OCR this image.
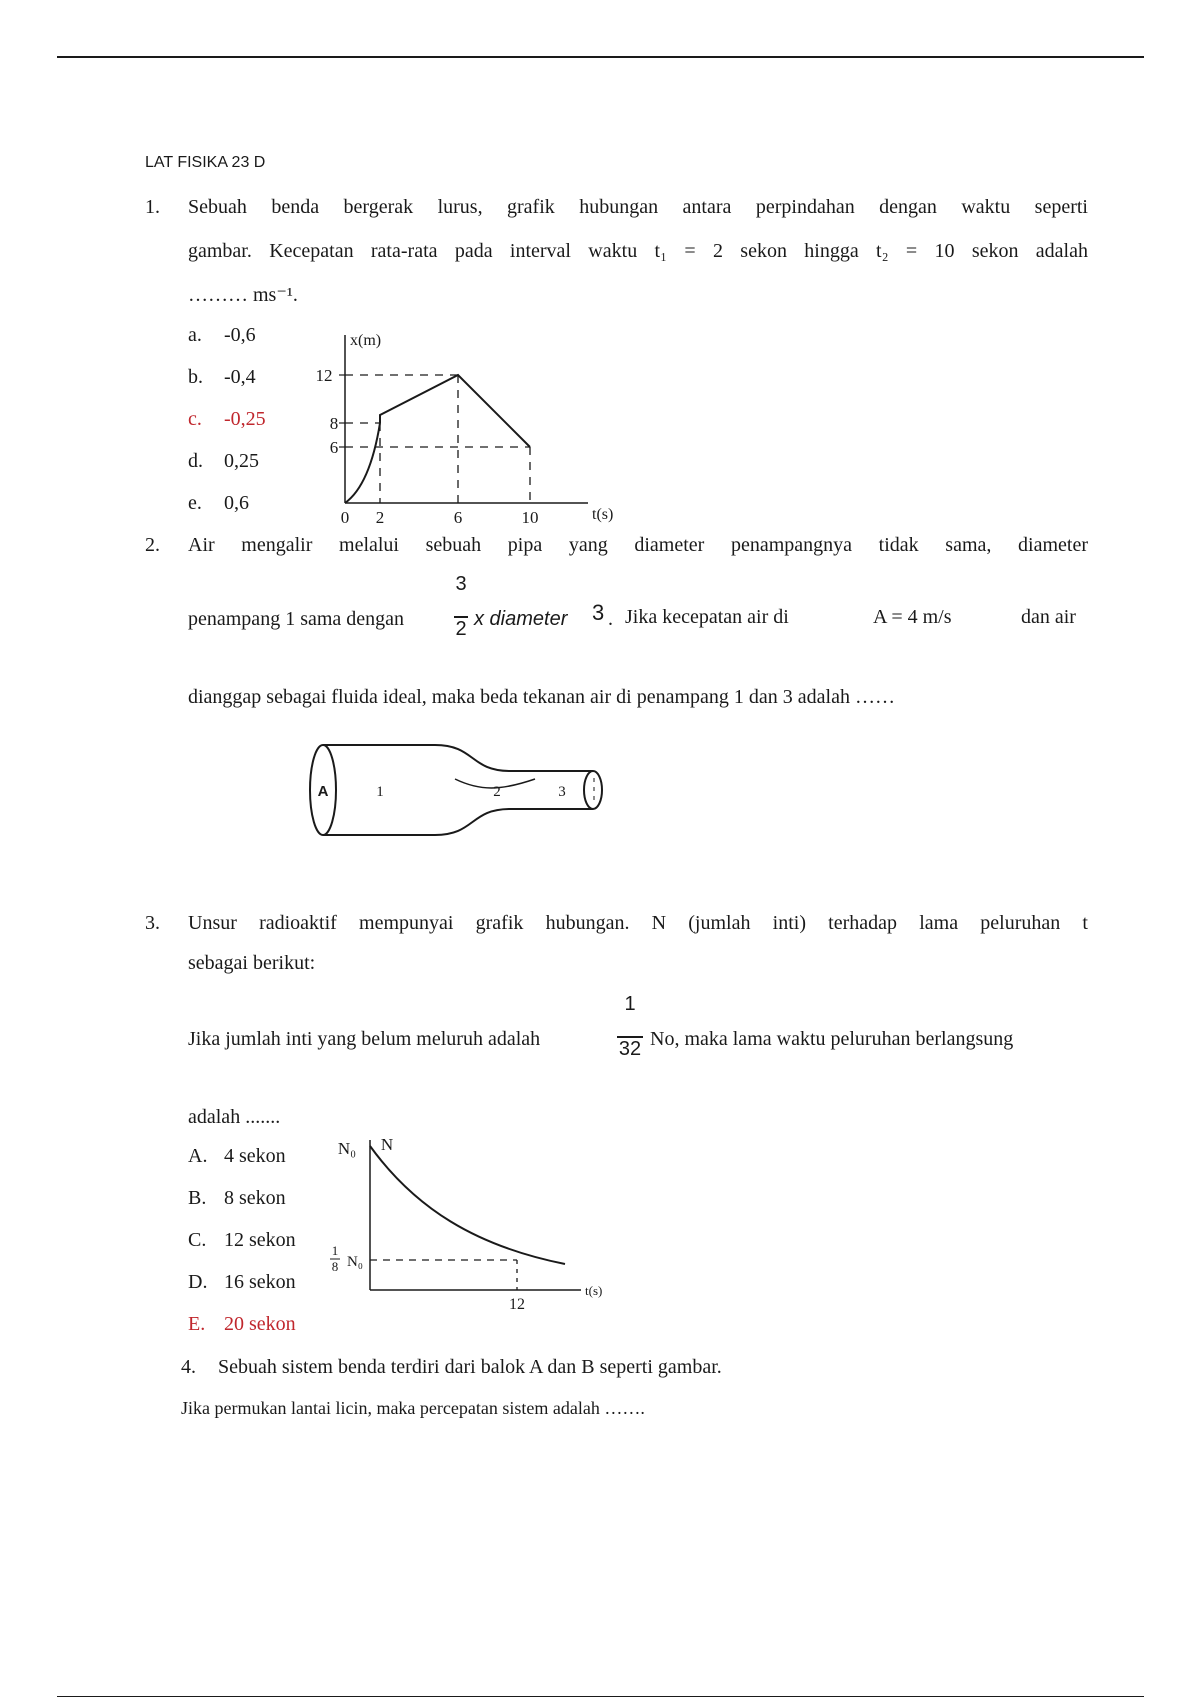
LAT FISIKA 23 D
1. Sebuah benda bergerak lurus, grafik hubungan antara perpindahan dengan waktu seperti
gambar. Kecepatan rata-rata pada interval waktu t₁ = 2 sekon hingga t₂ = 10 sekon adalah
……… ms⁻¹.
a. -0,6
b. -0,4
c. -0,25
d. 0,25
e. 0,6
x(m)
12
8
6
0 2	6	10	t(s)
2. Air mengalir melalui sebuah pipa yang diameter penampangnya tidak sama, diameter
penampang 1 sama dengan
3
2 x diameter 3 . Jika kecepatan air di	A = 4 m/s	dan air
dianggap sebagai fluida ideal, maka beda tekanan air di penampang 1 dan 3 adalah ……
A	1	2	3
3. Unsur radioaktif mempunyai grafik hubungan. N (jumlah inti) terhadap lama peluruhan t
sebagai berikut:
Jika jumlah inti yang belum meluruh adalah
1
32 No, maka lama waktu peluruhan berlangsung
adalah .......
A. 4 sekon
B. 8 sekon
C. 12 sekon
D. 16 sekon
E. 20 sekon
N₀ N
1
8 N₀
12
t(s)
4. Sebuah sistem benda terdiri dari balok A dan B seperti gambar.
Jika permukan lantai licin, maka percepatan sistem adalah …….
